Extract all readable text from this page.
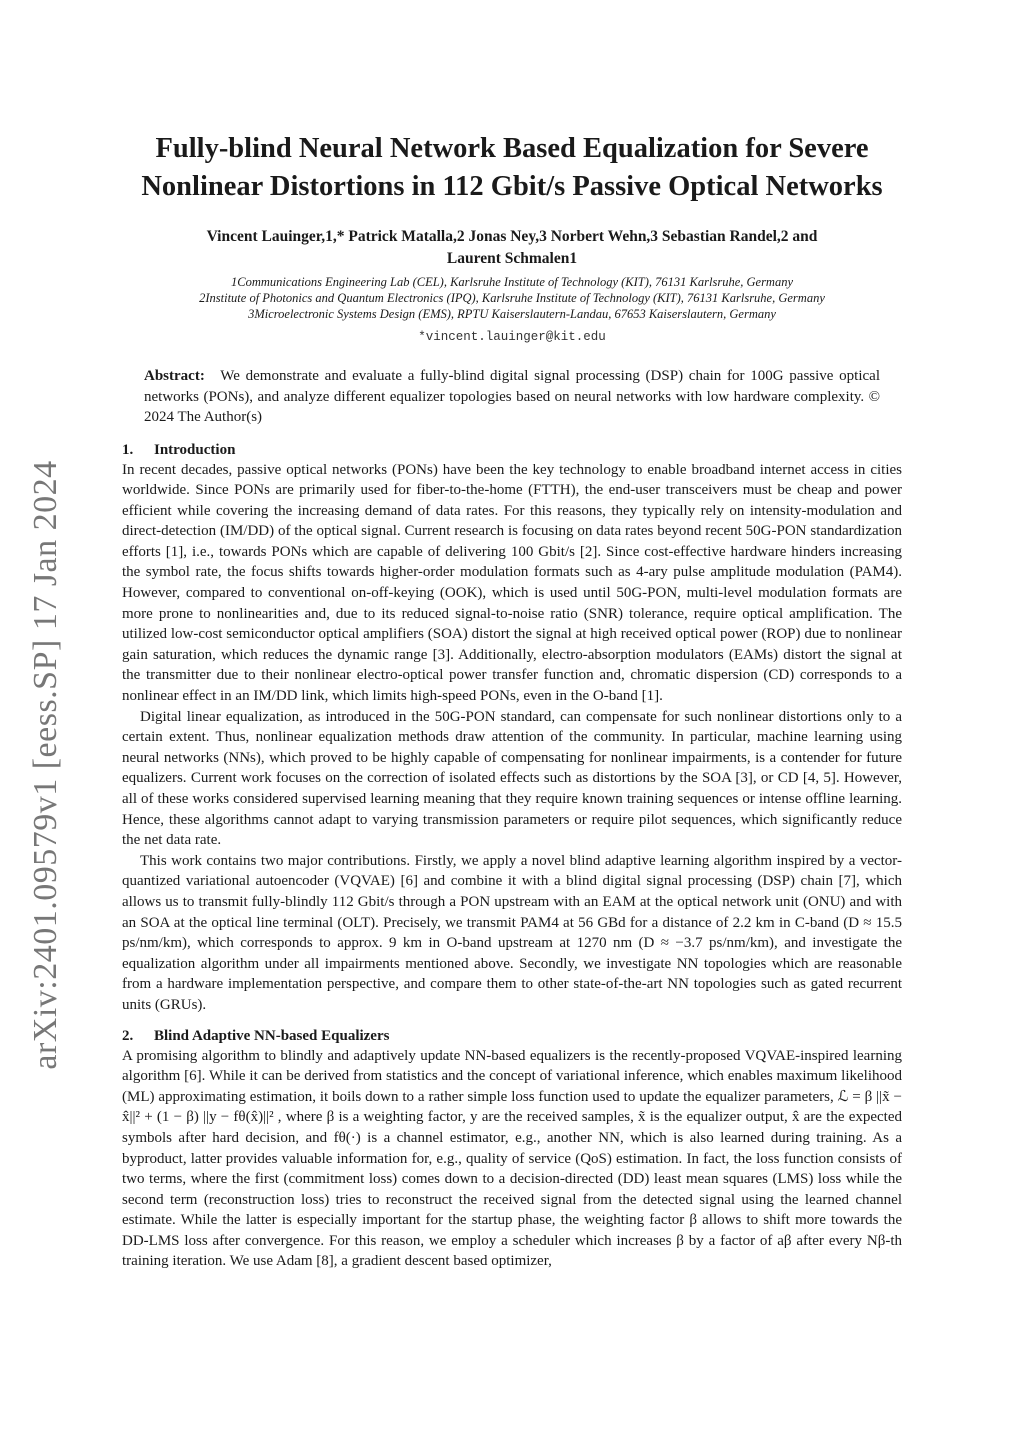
arXiv:2401.09579v1 [eess.SP] 17 Jan 2024
Fully-blind Neural Network Based Equalization for Severe
Nonlinear Distortions in 112 Gbit/s Passive Optical Networks
Vincent Lauinger,1,* Patrick Matalla,2 Jonas Ney,3 Norbert Wehn,3 Sebastian Randel,2 and
Laurent Schmalen1
1Communications Engineering Lab (CEL), Karlsruhe Institute of Technology (KIT), 76131 Karlsruhe, Germany
2Institute of Photonics and Quantum Electronics (IPQ), Karlsruhe Institute of Technology (KIT), 76131 Karlsruhe, Germany
3Microelectronic Systems Design (EMS), RPTU Kaiserslautern-Landau, 67653 Kaiserslautern, Germany
*vincent.lauinger@kit.edu
Abstract: We demonstrate and evaluate a fully-blind digital signal processing (DSP) chain for 100G passive optical networks (PONs), and analyze different equalizer topologies based on neural networks with low hardware complexity. © 2024 The Author(s)
1. Introduction

In recent decades, passive optical networks (PONs) have been the key technology to enable broadband internet access in cities worldwide. Since PONs are primarily used for fiber-to-the-home (FTTH), the end-user transceivers must be cheap and power efficient while covering the increasing demand of data rates. For this reasons, they typically rely on intensity-modulation and direct-detection (IM/DD) of the optical signal. Current research is focusing on data rates beyond recent 50G-PON standardization efforts [1], i.e., towards PONs which are capable of delivering 100 Gbit/s [2]. Since cost-effective hardware hinders increasing the symbol rate, the focus shifts towards higher-order modulation formats such as 4-ary pulse amplitude modulation (PAM4). However, compared to conventional on-off-keying (OOK), which is used until 50G-PON, multi-level modulation formats are more prone to nonlinearities and, due to its reduced signal-to-noise ratio (SNR) tolerance, require optical amplification. The utilized low-cost semiconductor optical amplifiers (SOA) distort the signal at high received optical power (ROP) due to nonlinear gain saturation, which reduces the dynamic range [3]. Additionally, electro-absorption modulators (EAMs) distort the signal at the transmitter due to their nonlinear electro-optical power transfer function and, chromatic dispersion (CD) corresponds to a nonlinear effect in an IM/DD link, which limits high-speed PONs, even in the O-band [1].

Digital linear equalization, as introduced in the 50G-PON standard, can compensate for such nonlinear distortions only to a certain extent. Thus, nonlinear equalization methods draw attention of the community. In particular, machine learning using neural networks (NNs), which proved to be highly capable of compensating for nonlinear impairments, is a contender for future equalizers. Current work focuses on the correction of isolated effects such as distortions by the SOA [3], or CD [4, 5]. However, all of these works considered supervised learning meaning that they require known training sequences or intense offline learning. Hence, these algorithms cannot adapt to varying transmission parameters or require pilot sequences, which significantly reduce the net data rate.

This work contains two major contributions. Firstly, we apply a novel blind adaptive learning algorithm inspired by a vector-quantized variational autoencoder (VQVAE) [6] and combine it with a blind digital signal processing (DSP) chain [7], which allows us to transmit fully-blindly 112 Gbit/s through a PON upstream with an EAM at the optical network unit (ONU) and with an SOA at the optical line terminal (OLT). Precisely, we transmit PAM4 at 56 GBd for a distance of 2.2 km in C-band (D ≈ 15.5 ps/nm/km), which corresponds to approx. 9 km in O-band upstream at 1270 nm (D ≈ −3.7 ps/nm/km), and investigate the equalization algorithm under all impairments mentioned above. Secondly, we investigate NN topologies which are reasonable from a hardware implementation perspective, and compare them to other state-of-the-art NN topologies such as gated recurrent units (GRUs).

2. Blind Adaptive NN-based Equalizers

A promising algorithm to blindly and adaptively update NN-based equalizers is the recently-proposed VQVAE-inspired learning algorithm [6]. While it can be derived from statistics and the concept of variational inference, which enables maximum likelihood (ML) approximating estimation, it boils down to a rather simple loss function used to update the equalizer parameters, ℒ = β ||x̃ − x̂||² + (1 − β) ||y − fθ(x̂)||² , where β is a weighting factor, y are the received samples, x̃ is the equalizer output, x̂ are the expected symbols after hard decision, and fθ(·) is a channel estimator, e.g., another NN, which is also learned during training. As a byproduct, latter provides valuable information for, e.g., quality of service (QoS) estimation. In fact, the loss function consists of two terms, where the first (commitment loss) comes down to a decision-directed (DD) least mean squares (LMS) loss while the second term (reconstruction loss) tries to reconstruct the received signal from the detected signal using the learned channel estimate. While the latter is especially important for the startup phase, the weighting factor β allows to shift more towards the DD-LMS loss after convergence. For this reason, we employ a scheduler which increases β by a factor of aβ after every Nβ-th training iteration. We use Adam [8], a gradient descent based optimizer,
